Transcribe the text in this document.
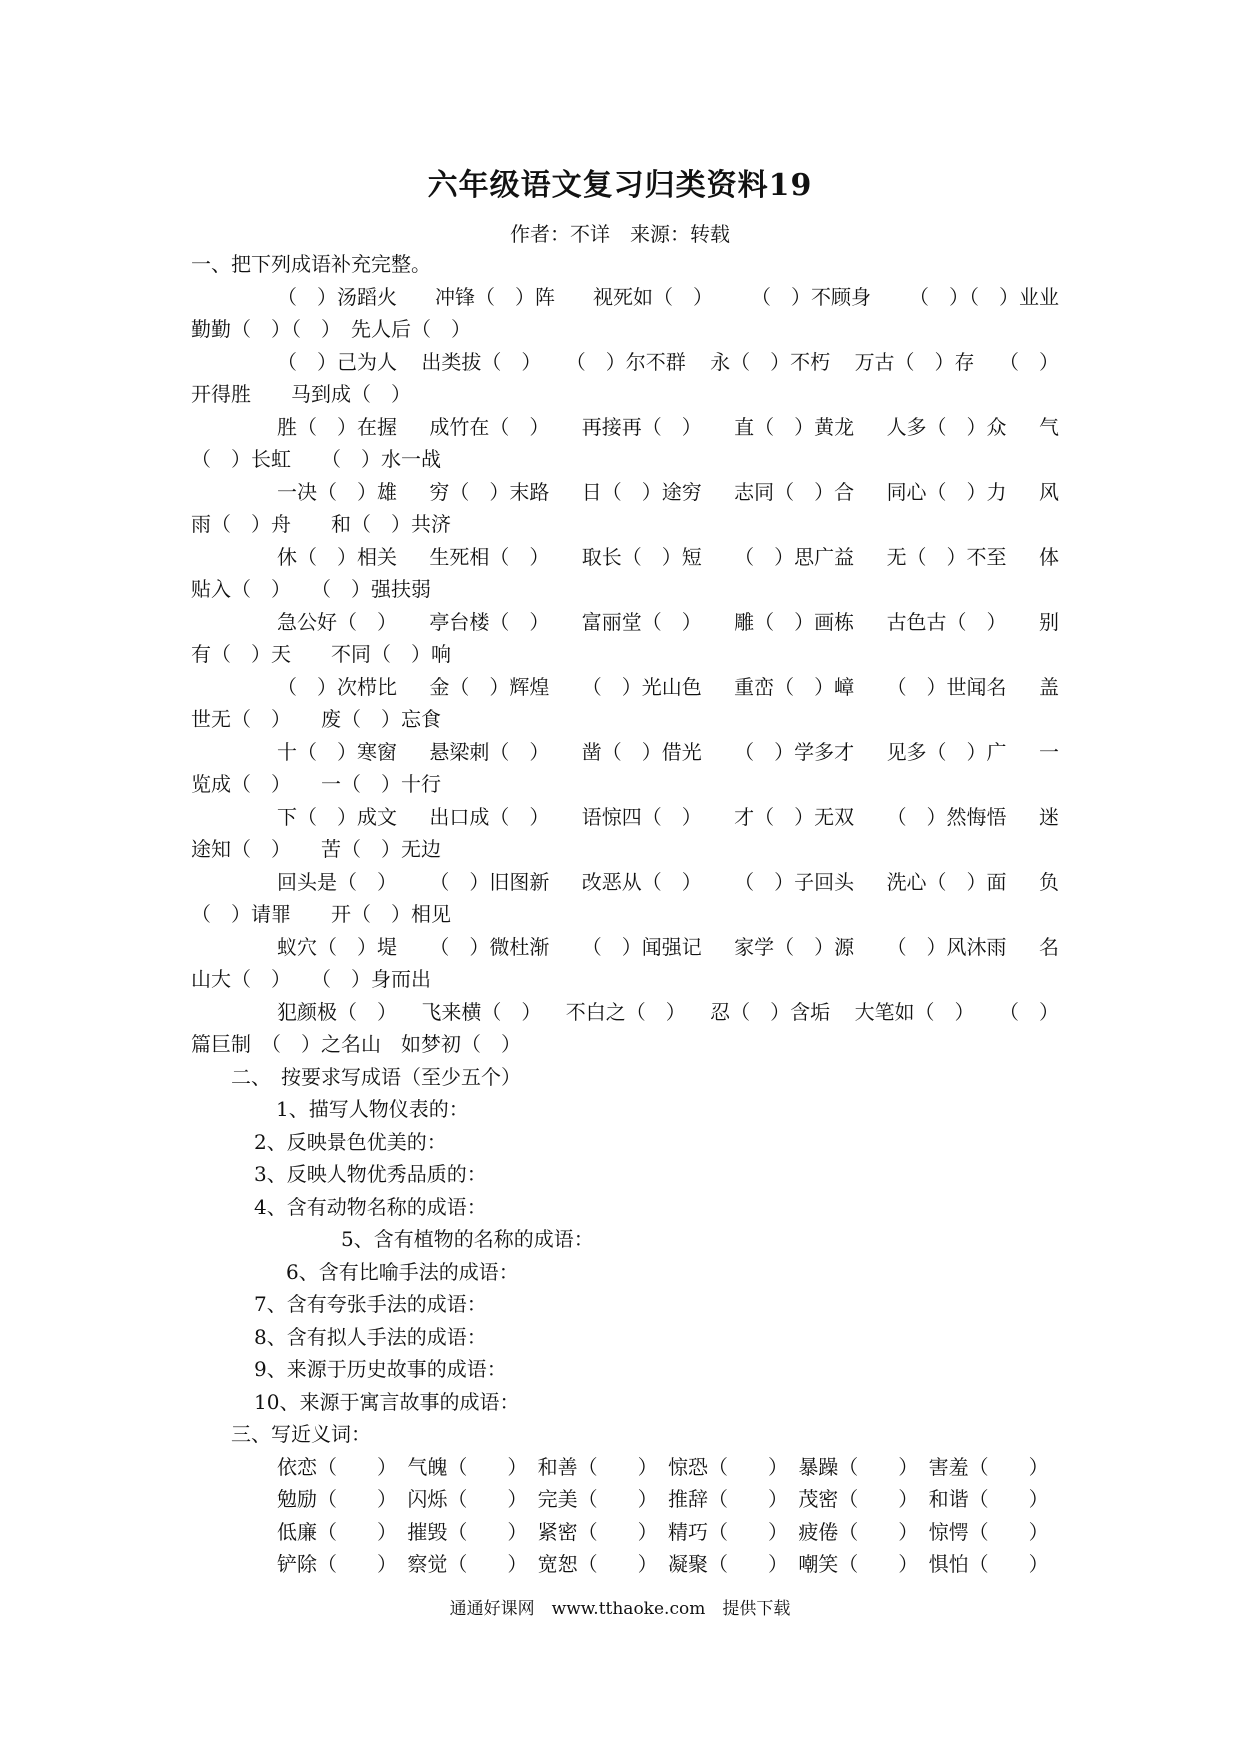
六年级语文复习归类资料19
作者：不详　来源：转载
一、把下列成语补充完整。
（　）汤蹈火 冲锋（　）阵 视死如（　） （　）不顾身 （　）（　）业业
勤勤（　）（　）　先人后（　）
（　）己为人 出类拔（　） （　）尔不群 永（　）不朽 万古（　）存 （　）
开得胜　　马到成（　）
胜（　）在握 成竹在（　） 再接再（　） 直（　）黄龙 人多（　）众 气
（　）长虹　　（　）水一战
一决（　）雄 穷（　）末路 日（　）途穷 志同（　）合 同心（　）力 风
雨（　）舟　　和（　）共济
休（　）相关 生死相（　） 取长（　）短 （　）思广益 无（　）不至 体
贴入（　）　　（　）强扶弱
急公好（　） 亭台楼（　） 富丽堂（　） 雕（　）画栋 古色古（　） 别
有（　）天　　不同（　）响
（　）次栉比 金（　）辉煌 （　）光山色 重峦（　）嶂 （　）世闻名 盖
世无（　）　　废（　）忘食
十（　）寒窗 悬梁刺（　） 凿（　）借光 （　）学多才 见多（　）广 一
览成（　）　　一（　）十行
下（　）成文 出口成（　） 语惊四（　） 才（　）无双 （　）然悔悟 迷
途知（　）　　苦（　）无边
回头是（　） （　）旧图新 改恶从（　） （　）子回头 洗心（　）面 负
（　）请罪　　开（　）相见
蚁穴（　）堤 （　）微杜渐 （　）闻强记 家学（　）源 （　）风沐雨 名
山大（　）　　（　）身而出
犯颜极（　） 飞来横（　） 不白之（　） 忍（　）含垢 大笔如（　） （　）
篇巨制　（　）之名山　如梦初（　）
二、　按要求写成语（至少五个）
1、描写人物仪表的：
2、反映景色优美的：
3、反映人物优秀品质的：
4、含有动物名称的成语：
5、含有植物的名称的成语：
6、含有比喻手法的成语：
7、含有夸张手法的成语：
8、含有拟人手法的成语：
9、来源于历史故事的成语：
10、来源于寓言故事的成语：
三、写近义词：
依恋（　　） 气魄（　　） 和善（　　） 惊恐（　　） 暴躁（　　） 害羞（　　）
勉励（　　） 闪烁（　　） 完美（　　） 推辞（　　） 茂密（　　） 和谐（　　）
低廉（　　） 摧毁（　　） 紧密（　　） 精巧（　　） 疲倦（　　） 惊愕（　　）
铲除（　　） 察觉（　　） 宽恕（　　） 凝聚（　　） 嘲笑（　　） 惧怕（　　）
通通好课网　www.tthaoke.com　提供下载
